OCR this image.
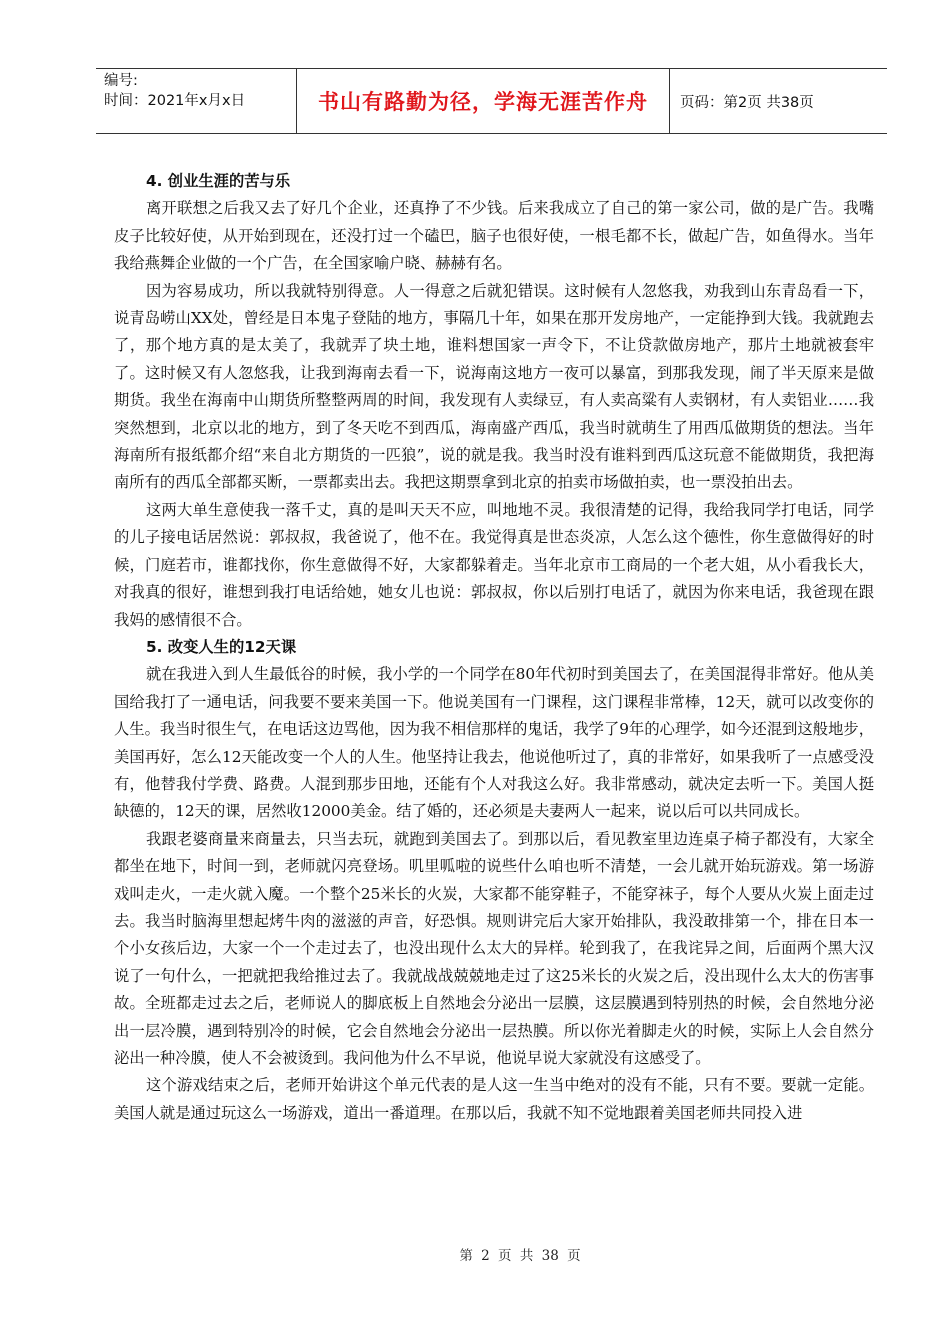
编号:
时间：2021年x月x日	书山有路勤为径，学海无涯苦作舟	页码：第2页 共38页
4. 创业生涯的苦与乐

离开联想之后我又去了好几个企业，还真挣了不少钱。后来我成立了自己的第一家公司，做的是广告。我嘴皮子比较好使，从开始到现在，还没打过一个磕巴，脑子也很好使，一根毛都不长，做起广告，如鱼得水。当年我给燕舞企业做的一个广告，在全国家喻户晓、赫赫有名。

因为容易成功，所以我就特别得意。人一得意之后就犯错误。这时候有人忽悠我，劝我到山东青岛看一下，说青岛崂山XX处，曾经是日本鬼子登陆的地方，事隔几十年，如果在那开发房地产，一定能挣到大钱。我就跑去了，那个地方真的是太美了，我就弄了块土地，谁料想国家一声令下，不让贷款做房地产，那片土地就被套牢了。这时候又有人忽悠我，让我到海南去看一下，说海南这地方一夜可以暴富，到那我发现，闹了半天原来是做期货。我坐在海南中山期货所整整两周的时间，我发现有人卖绿豆，有人卖高粱有人卖钢材，有人卖铝业……我突然想到，北京以北的地方，到了冬天吃不到西瓜，海南盛产西瓜，我当时就萌生了用西瓜做期货的想法。当年海南所有报纸都介绍“来自北方期货的一匹狼”，说的就是我。我当时没有谁料到西瓜这玩意不能做期货，我把海南所有的西瓜全部都买断，一票都卖出去。我把这期票拿到北京的拍卖市场做拍卖，也一票没拍出去。

这两大单生意使我一落千丈，真的是叫天天不应，叫地地不灵。我很清楚的记得，我给我同学打电话，同学的儿子接电话居然说：郭叔叔，我爸说了，他不在。我觉得真是世态炎凉，人怎么这个德性，你生意做得好的时候，门庭若市，谁都找你，你生意做得不好，大家都躲着走。当年北京市工商局的一个老大姐，从小看我长大，对我真的很好，谁想到我打电话给她，她女儿也说：郭叔叔，你以后别打电话了，就因为你来电话，我爸现在跟我妈的感情很不合。

5. 改变人生的12天课

就在我进入到人生最低谷的时候，我小学的一个同学在80年代初时到美国去了，在美国混得非常好。他从美国给我打了一通电话，问我要不要来美国一下。他说美国有一门课程，这门课程非常棒，12天，就可以改变你的人生。我当时很生气，在电话这边骂他，因为我不相信那样的鬼话，我学了9年的心理学，如今还混到这般地步，美国再好，怎么12天能改变一个人的人生。他坚持让我去，他说他听过了，真的非常好，如果我听了一点感受没有，他替我付学费、路费。人混到那步田地，还能有个人对我这么好。我非常感动，就决定去听一下。美国人挺缺德的，12天的课，居然收12000美金。结了婚的，还必须是夫妻两人一起来，说以后可以共同成长。

我跟老婆商量来商量去，只当去玩，就跑到美国去了。到那以后，看见教室里边连桌子椅子都没有，大家全都坐在地下，时间一到，老师就闪亮登场。叽里呱啦的说些什么咱也听不清楚，一会儿就开始玩游戏。第一场游戏叫走火，一走火就入魔。一个整个25米长的火炭，大家都不能穿鞋子，不能穿袜子，每个人要从火炭上面走过去。我当时脑海里想起烤牛肉的滋滋的声音，好恐惧。规则讲完后大家开始排队，我没敢排第一个，排在日本一个小女孩后边，大家一个一个走过去了，也没出现什么太大的异样。轮到我了，在我诧异之间，后面两个黑大汉说了一句什么，一把就把我给推过去了。我就战战兢兢地走过了这25米长的火炭之后，没出现什么太大的伤害事故。全班都走过去之后，老师说人的脚底板上自然地会分泌出一层膜，这层膜遇到特别热的时候，会自然地分泌出一层冷膜，遇到特别冷的时候，它会自然地会分泌出一层热膜。所以你光着脚走火的时候，实际上人会自然分泌出一种冷膜，使人不会被烫到。我问他为什么不早说，他说早说大家就没有这感受了。

这个游戏结束之后，老师开始讲这个单元代表的是人这一生当中绝对的没有不能，只有不要。要就一定能。美国人就是通过玩这么一场游戏，道出一番道理。在那以后，我就不知不觉地跟着美国老师共同投入进

第 2 页 共 38 页
